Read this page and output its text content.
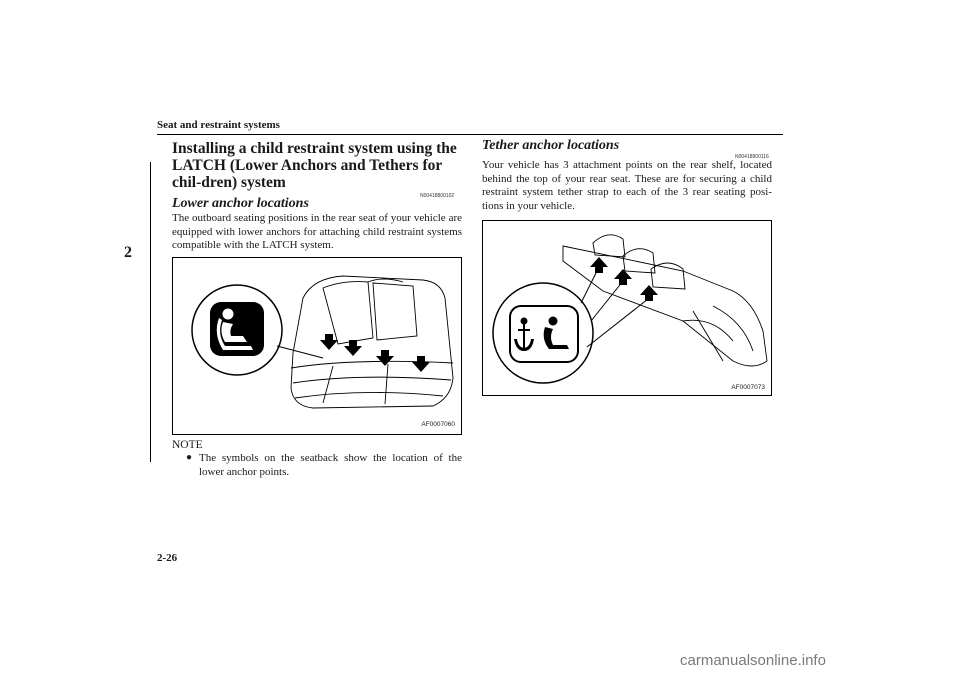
Seat and restraint systems
2
Installing a child restraint system using the LATCH (Lower Anchors and Tethers for chil-dren) system
N00418800102
Lower anchor locations

The outboard seating positions in the rear seat of your vehicle are equipped with lower anchors for attaching child restraint systems compatible with the LATCH system.

AF0007060
NOTE
● The symbols on the seatback show the location of the lower anchor points.

Tether anchor locations
N00418900116

Your vehicle has 3 attachment points on the rear shelf, located behind the top of your rear seat. These are for securing a child restraint system tether strap to each of the 3 rear seating posi-tions in your vehicle.

AF0007073
2-26
carmanualsonline.info
